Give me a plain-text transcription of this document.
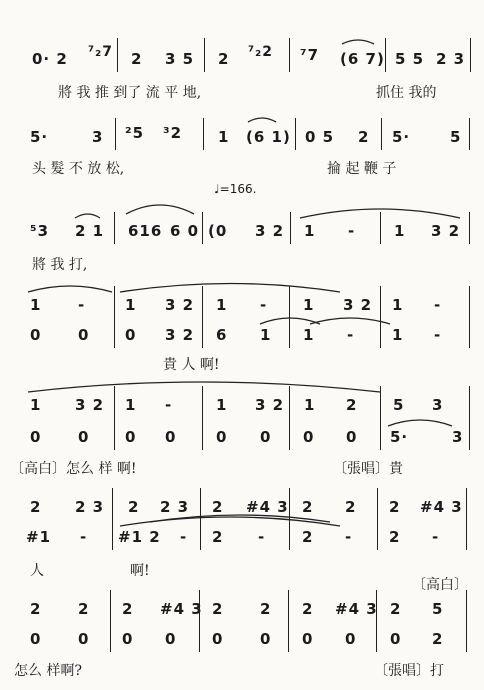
0· 2 ⁷₂7 2 3 5 2 ⁷₂2 ⁷7 (6 7) 5 5 2 3
將 我 推 到了 流 平 地,	抓住 我的
5·	3 ²5 ³2 1 (6 1) 0 5 2 5·	5
头 髮 不 放 松,	掄 起 鞭 子
♩=166.
⁵3 2 1 616 6 0 (0 3 2 1 -	1 3 2
將 我 打,
1 -	1 3 2 1 - 1 3 2 1 -
0 0 0 3 2 6 1 1 -	1 -
貴 人 啊!
1 3 2 1 -	1 3 2 1 2 5 3
0 0 0 0	0 0 0 0 5·	3
〔高白〕怎么 样 啊!	〔張唱〕貴
2 2 3 2 2 3 2 #4 3 2 2 2 #4 3
#1 - #1 2 - 2 - 2 - 2 -
人	啊!
〔高白〕
2 2 2 #4 3 2 2 2 #4 3 2 5
0 0 0 0 0 0 0 0 0 2
怎么 样啊?	〔張唱〕打
